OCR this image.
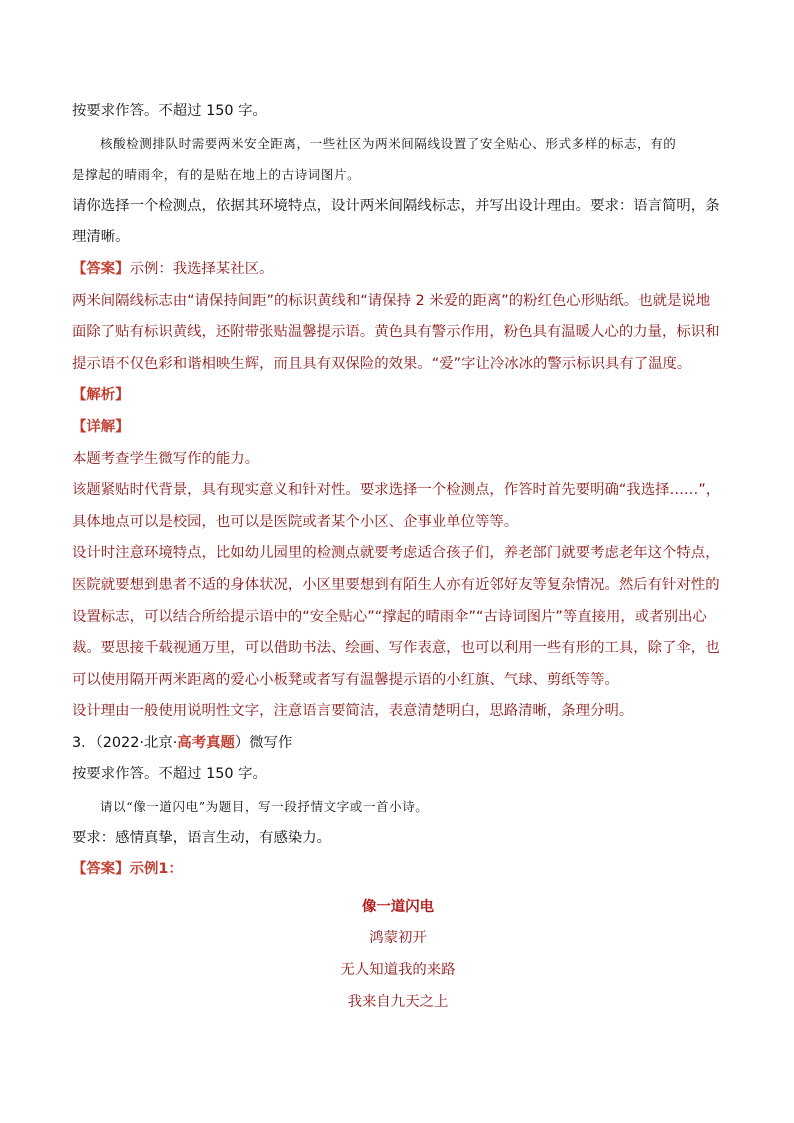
按要求作答。不超过 150 字。
核酸检测排队时需要两米安全距离，一些社区为两米间隔线设置了安全贴心、形式多样的标志，有的
是撑起的晴雨伞，有的是贴在地上的古诗词图片。
请你选择一个检测点，依据其环境特点，设计两米间隔线标志，并写出设计理由。要求：语言简明，条理清晰。
【答案】示例：我选择某社区。
两米间隔线标志由“请保持间距”的标识黄线和“请保持 2 米爱的距离”的粉红色心形贴纸。也就是说地面除了贴有标识黄线，还附带张贴温馨提示语。黄色具有警示作用，粉色具有温暖人心的力量，标识和提示语不仅色彩和谐相映生辉，而且具有双保险的效果。“爱”字让冷冰冰的警示标识具有了温度。
【解析】
【详解】
本题考查学生微写作的能力。
该题紧贴时代背景，具有现实意义和针对性。要求选择一个检测点，作答时首先要明确“我选择……”，具体地点可以是校园，也可以是医院或者某个小区、企事业单位等等。
设计时注意环境特点，比如幼儿园里的检测点就要考虑适合孩子们，养老部门就要考虑老年这个特点，医院就要想到患者不适的身体状况，小区里要想到有陌生人亦有近邻好友等复杂情况。然后有针对性的设置标志，可以结合所给提示语中的“安全贴心”“撑起的晴雨伞”“古诗词图片”等直接用，或者别出心裁。要思接千载视通万里，可以借助书法、绘画、写作表意，也可以利用一些有形的工具，除了伞，也可以使用隔开两米距离的爱心小板凳或者写有温馨提示语的小红旗、气球、剪纸等等。
设计理由一般使用说明性文字，注意语言要简洁，表意清楚明白，思路清晰，条理分明。
3．（2022·北京·高考真题）微写作
按要求作答。不超过 150 字。
请以“像一道闪电”为题目，写一段抒情文字或一首小诗。
要求：感情真挚，语言生动，有感染力。
【答案】示例1：
像一道闪电
鸿蒙初开
无人知道我的来路
我来自九天之上
